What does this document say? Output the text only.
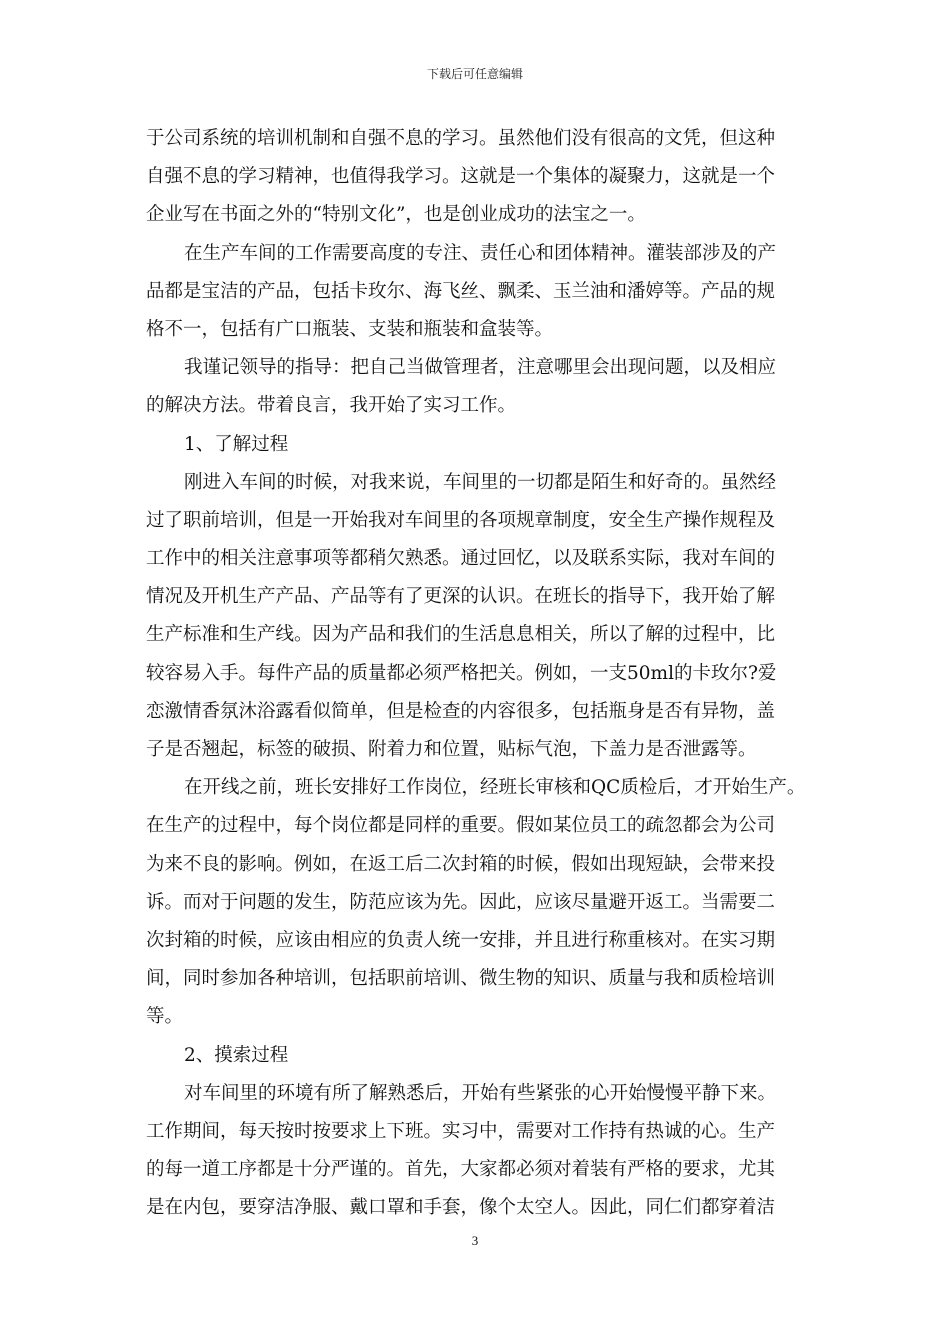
下载后可任意编辑
于公司系统的培训机制和自强不息的学习。虽然他们没有很高的文凭，但这种
自强不息的学习精神，也值得我学习。这就是一个集体的凝聚力，这就是一个
企业写在书面之外的“特别文化”，也是创业成功的法宝之一。
在生产车间的工作需要高度的专注、责任心和团体精神。灌装部涉及的产
品都是宝洁的产品，包括卡玫尔、海飞丝、飘柔、玉兰油和潘婷等。产品的规
格不一，包括有广口瓶装、支装和瓶装和盒装等。
我谨记领导的指导：把自己当做管理者，注意哪里会出现问题，以及相应
的解决方法。带着良言，我开始了实习工作。
1、了解过程
刚进入车间的时候，对我来说，车间里的一切都是陌生和好奇的。虽然经
过了职前培训，但是一开始我对车间里的各项规章制度，安全生产操作规程及
工作中的相关注意事项等都稍欠熟悉。通过回忆，以及联系实际，我对车间的
情况及开机生产产品、产品等有了更深的认识。在班长的指导下，我开始了解
生产标准和生产线。因为产品和我们的生活息息相关，所以了解的过程中，比
较容易入手。每件产品的质量都必须严格把关。例如，一支50ml的卡玫尔?爱
恋激情香氛沐浴露看似简单，但是检查的内容很多，包括瓶身是否有异物，盖
子是否翘起，标签的破损、附着力和位置，贴标气泡，下盖力是否泄露等。
在开线之前，班长安排好工作岗位，经班长审核和QC质检后，才开始生产。
在生产的过程中，每个岗位都是同样的重要。假如某位员工的疏忽都会为公司
为来不良的影响。例如，在返工后二次封箱的时候，假如出现短缺，会带来投
诉。而对于问题的发生，防范应该为先。因此，应该尽量避开返工。当需要二
次封箱的时候，应该由相应的负责人统一安排，并且进行称重核对。在实习期
间，同时参加各种培训，包括职前培训、微生物的知识、质量与我和质检培训
等。
2、摸索过程
对车间里的环境有所了解熟悉后，开始有些紧张的心开始慢慢平静下来。
工作期间，每天按时按要求上下班。实习中，需要对工作持有热诚的心。生产
的每一道工序都是十分严谨的。首先，大家都必须对着装有严格的要求，尤其
是在内包，要穿洁净服、戴口罩和手套，像个太空人。因此，同仁们都穿着洁
3
